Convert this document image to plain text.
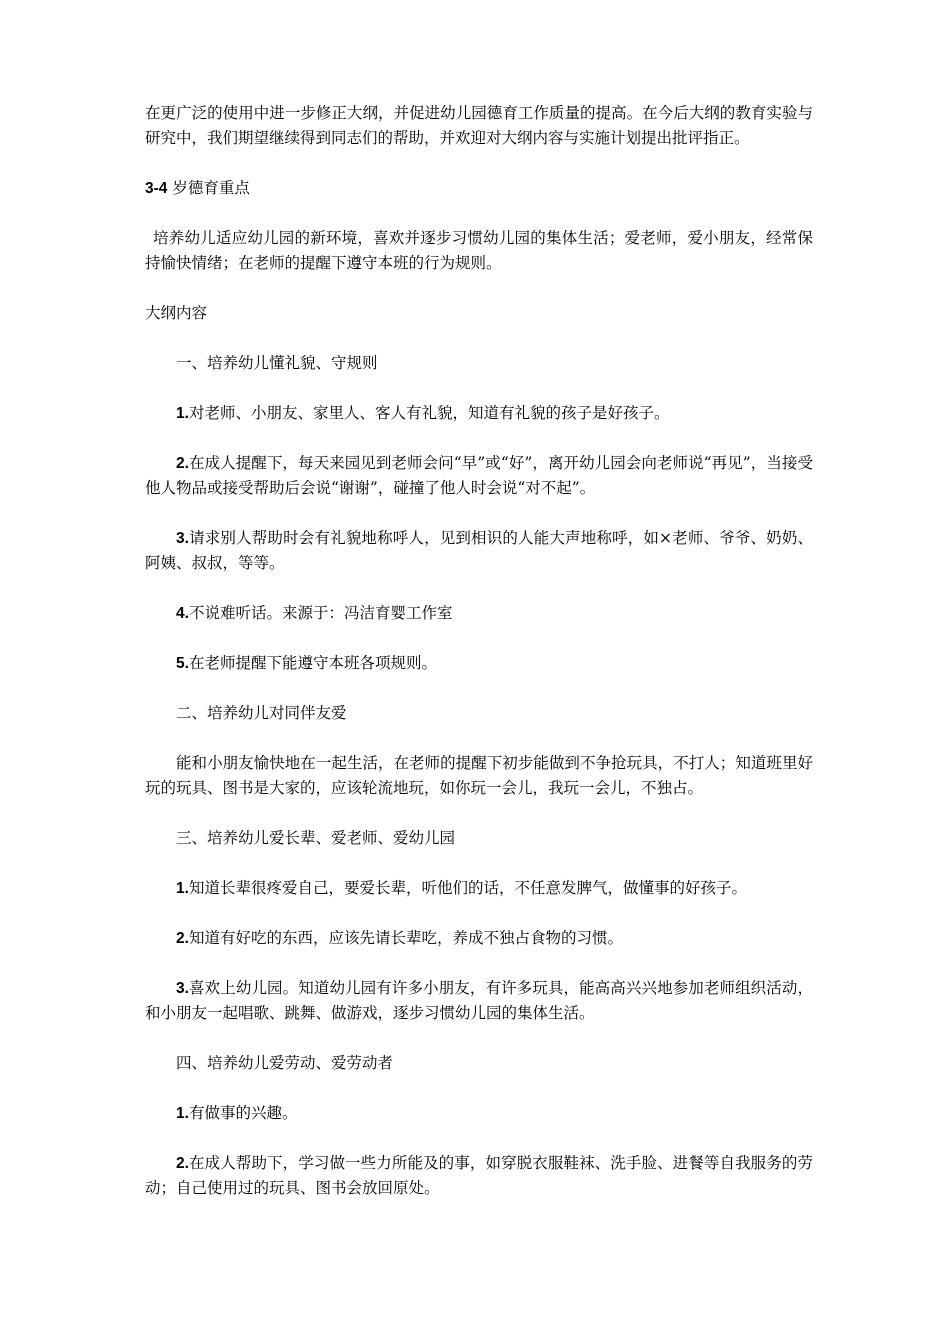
在更广泛的使用中进一步修正大纲，并促进幼儿园德育工作质量的提高。在今后大纲的教育实验与研究中，我们期望继续得到同志们的帮助，并欢迎对大纲内容与实施计划提出批评指正。

3-4 岁德育重点

培养幼儿适应幼儿园的新环境，喜欢并逐步习惯幼儿园的集体生活；爱老师，爱小朋友，经常保持愉快情绪；在老师的提醒下遵守本班的行为规则。

大纲内容

一、培养幼儿懂礼貌、守规则

1.对老师、小朋友、家里人、客人有礼貌，知道有礼貌的孩子是好孩子。

2.在成人提醒下，每天来园见到老师会问“早”或“好”，离开幼儿园会向老师说“再见”，当接受他人物品或接受帮助后会说“谢谢”，碰撞了他人时会说“对不起”。

3.请求别人帮助时会有礼貌地称呼人，见到相识的人能大声地称呼，如×老师、爷爷、奶奶、阿姨、叔叔，等等。

4.不说难听话。来源于：冯洁育婴工作室

5.在老师提醒下能遵守本班各项规则。

二、培养幼儿对同伴友爱

能和小朋友愉快地在一起生活，在老师的提醒下初步能做到不争抢玩具，不打人；知道班里好玩的玩具、图书是大家的，应该轮流地玩，如你玩一会儿，我玩一会儿，不独占。

三、培养幼儿爱长辈、爱老师、爱幼儿园

1.知道长辈很疼爱自己，要爱长辈，听他们的话，不任意发脾气，做懂事的好孩子。

2.知道有好吃的东西，应该先请长辈吃，养成不独占食物的习惯。

3.喜欢上幼儿园。知道幼儿园有许多小朋友，有许多玩具，能高高兴兴地参加老师组织活动，和小朋友一起唱歌、跳舞、做游戏，逐步习惯幼儿园的集体生活。

四、培养幼儿爱劳动、爱劳动者

1.有做事的兴趣。

2.在成人帮助下，学习做一些力所能及的事，如穿脱衣服鞋袜、洗手脸、进餐等自我服务的劳动；自己使用过的玩具、图书会放回原处。
